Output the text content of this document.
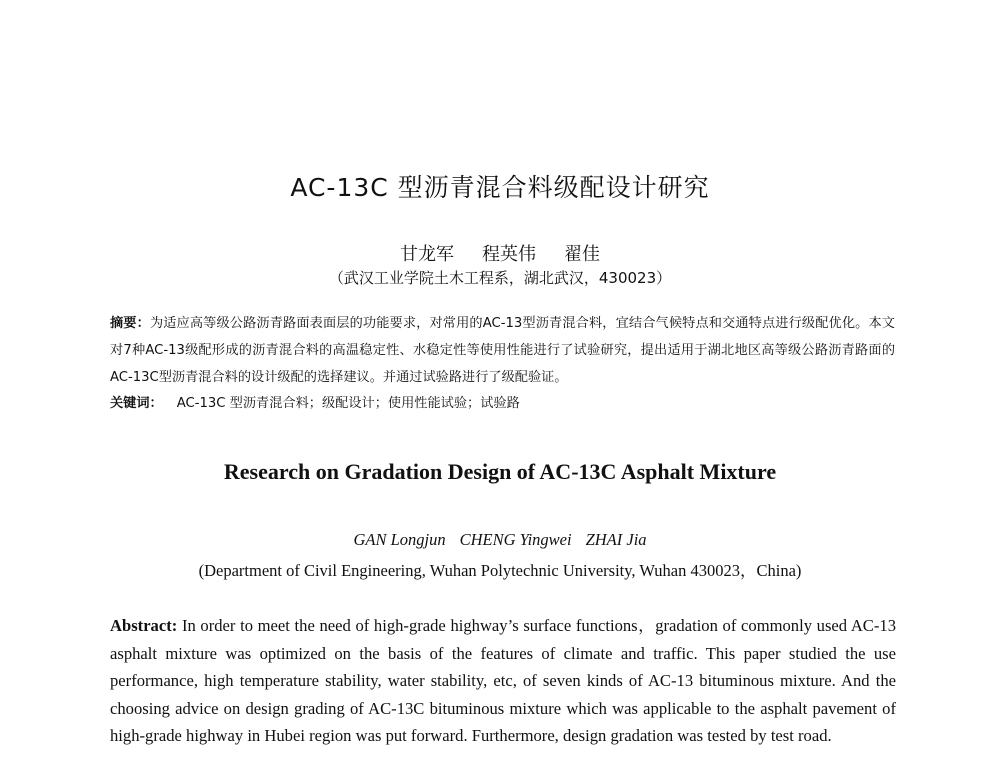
AC-13C 型沥青混合料级配设计研究
甘龙军 程英伟 翟佳
（武汉工业学院土木工程系，湖北武汉，430023）
摘要：为适应高等级公路沥青路面表面层的功能要求，对常用的AC-13型沥青混合料，宜结合气候特点和交通特点进行级配优化。本文对7种AC-13级配形成的沥青混合料的高温稳定性、水稳定性等使用性能进行了试验研究，提出适用于湖北地区高等级公路沥青路面的AC-13C型沥青混合料的设计级配的选择建议。并通过试验路进行了级配验证。
关键词： AC-13C 型沥青混合料；级配设计；使用性能试验；试验路
Research on Gradation Design of AC-13C Asphalt Mixture
GAN Longjun CHENG Yingwei ZHAI Jia
(Department of Civil Engineering, Wuhan Polytechnic University, Wuhan 430023，China)
Abstract: In order to meet the need of high-grade highway’s surface functions，gradation of commonly used AC-13 asphalt mixture was optimized on the basis of the features of climate and traffic. This paper studied the use performance, high temperature stability, water stability, etc, of seven kinds of AC-13 bituminous mixture. And the choosing advice on design grading of AC-13C bituminous mixture which was applicable to the asphalt pavement of high-grade highway in Hubei region was put forward. Furthermore, design gradation was tested by test road.
